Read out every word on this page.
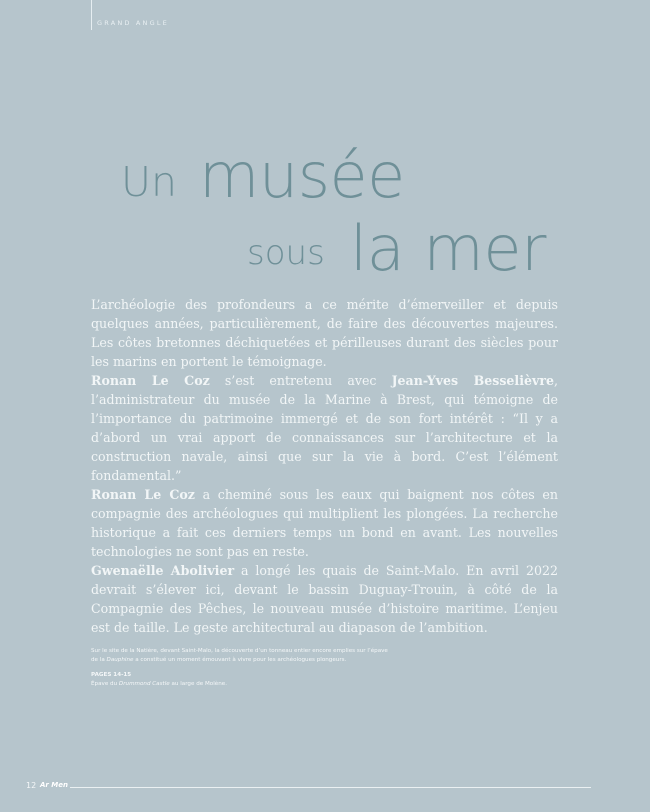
GRAND ANGLE
Un musée
sous la mer

L’archéologie des profondeurs a ce mérite d’émerveiller et depuis quelques années, particulièrement, de faire des découvertes majeures. Les côtes bretonnes déchiquetées et périlleuses durant des siècles pour les marins en portent le témoignage.

Ronan Le Coz s’est entretenu avec Jean-Yves Besselièvre, l’administrateur du musée de la Marine à Brest, qui témoigne de l’importance du patrimoine immergé et de son fort intérêt : “Il y a d’abord un vrai apport de connaissances sur l’architecture et la construction navale, ainsi que sur la vie à bord. C’est l’élément fondamental.”

Ronan Le Coz a cheminé sous les eaux qui baignent nos côtes en compagnie des archéologues qui multiplient les plongées. La recherche historique a fait ces derniers temps un bond en avant. Les nouvelles technologies ne sont pas en reste.

Gwenaëlle Abolivier a longé les quais de Saint-Malo. En avril 2022 devrait s’élever ici, devant le bassin Duguay-Trouin, à côté de la Compagnie des Pêches, le nouveau musée d’histoire maritime. L’enjeu est de taille. Le geste architectural au diapason de l’ambition.

Sur le site de la Natière, devant Saint-Malo, la découverte d’un tonneau entier encore emplies sur l’épave de la Dauphine a constitué un moment émouvant à vivre pour les archéologues plongeurs.

PAGES 14-15

Épave du Drummond Castle au large de Molène.

12 Ar Men
